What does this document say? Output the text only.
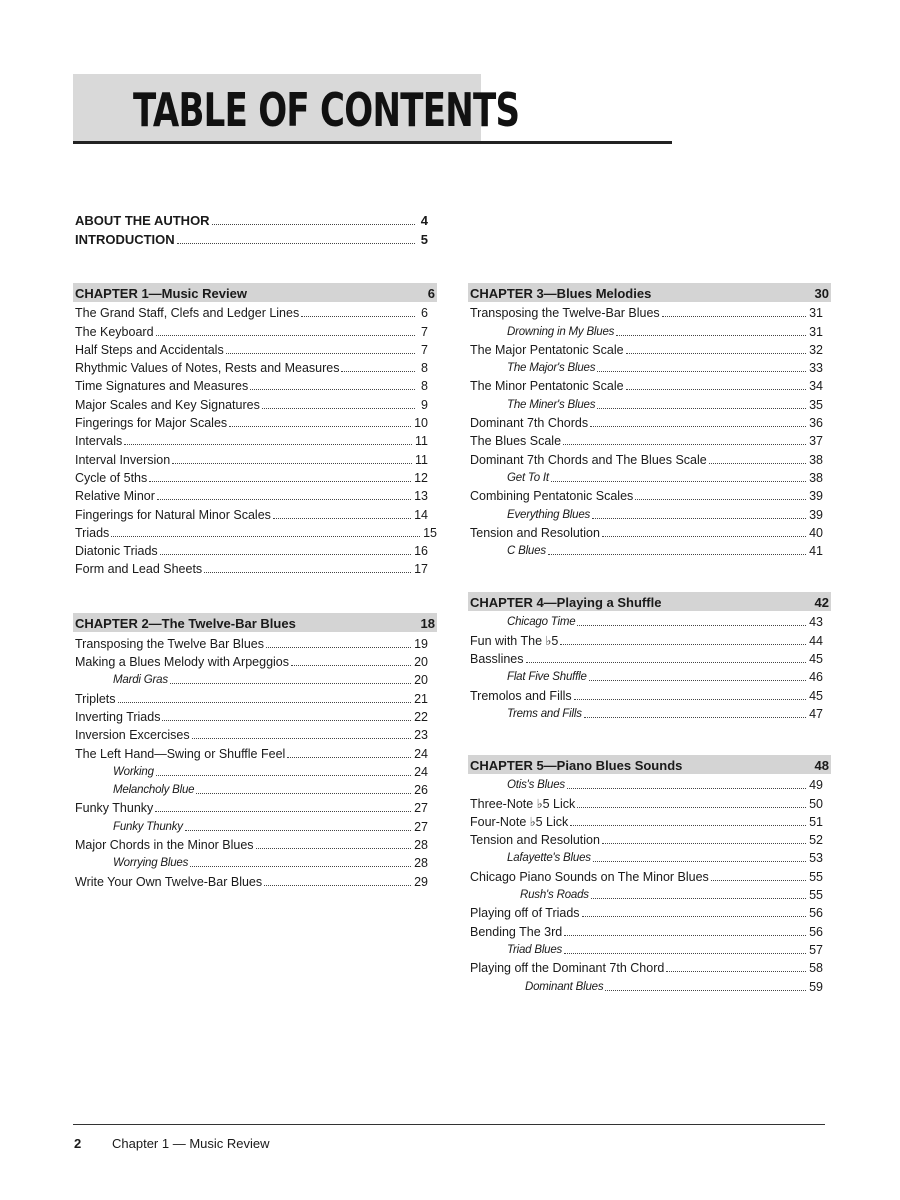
TABLE OF CONTENTS
ABOUT THE AUTHOR	4
INTRODUCTION	5
CHAPTER 1—Music Review	6
The Grand Staff, Clefs and Ledger Lines	6
The Keyboard	7
Half Steps and Accidentals	7
Rhythmic Values of Notes, Rests and Measures	8
Time Signatures and Measures	8
Major Scales and Key Signatures	9
Fingerings for Major Scales	10
Intervals	11
Interval Inversion	11
Cycle of 5ths	12
Relative Minor	13
Fingerings for Natural Minor Scales	14
Triads	15
Diatonic Triads	16
Form and Lead Sheets	17
CHAPTER 2—The Twelve-Bar Blues	18
Transposing the Twelve Bar Blues	19
Making a Blues Melody with Arpeggios	20
Mardi Gras	20
Triplets	21
Inverting Triads	22
Inversion Excercises	23
The Left Hand—Swing or Shuffle Feel	24
Working	24
Melancholy Blue	26
Funky Thunky	27
Funky Thunky	27
Major Chords in the Minor Blues	28
Worrying Blues	28
Write Your Own Twelve-Bar Blues	29
CHAPTER 3—Blues Melodies	30
Transposing the Twelve-Bar Blues	31
Drowning in My Blues	31
The Major Pentatonic Scale	32
The Major's Blues	33
The Minor Pentatonic Scale	34
The Miner's Blues	35
Dominant 7th Chords	36
The Blues Scale	37
Dominant 7th Chords and The Blues Scale	38
Get To It	38
Combining Pentatonic Scales	39
Everything Blues	39
Tension and Resolution	40
C Blues	41
CHAPTER 4—Playing a Shuffle	42
Chicago Time	43
Fun with The ♭5	44
Basslines	45
Flat Five Shuffle	46
Tremolos and Fills	45
Trems and Fills	47
CHAPTER 5—Piano Blues Sounds	48
Otis's Blues	49
Three-Note ♭5 Lick	50
Four-Note ♭5 Lick	51
Tension and Resolution	52
Lafayette's Blues	53
Chicago Piano Sounds on The Minor Blues	55
Rush's Roads	55
Playing off of Triads	56
Bending The 3rd	56
Triad Blues	57
Playing off the Dominant 7th Chord	58
Dominant Blues	59
2 Chapter 1 — Music Review
